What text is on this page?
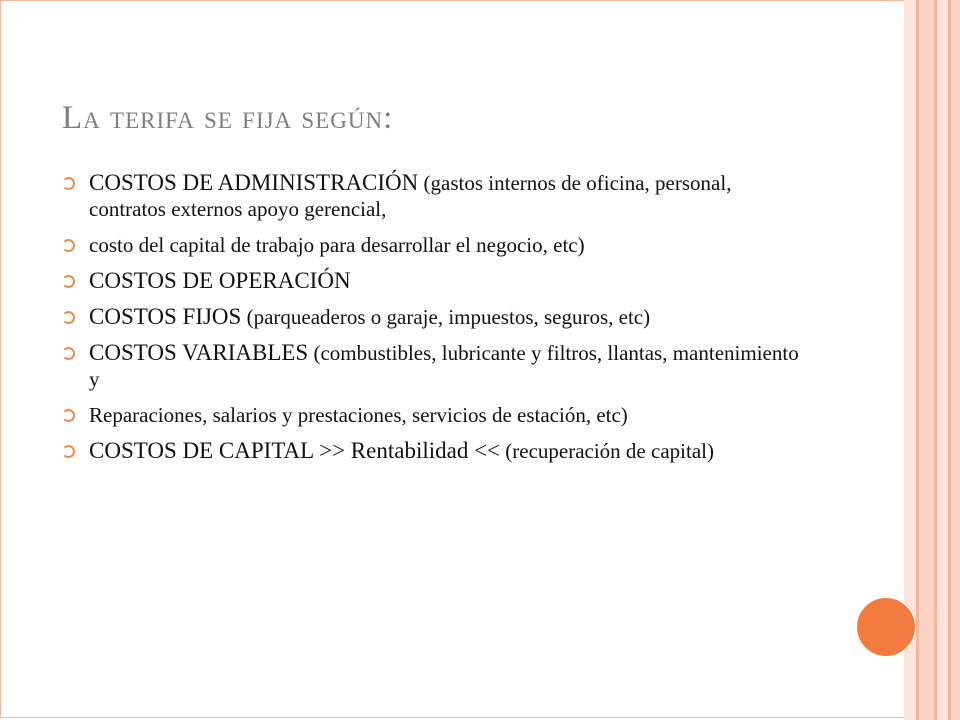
La terifa se fija según:
COSTOS DE ADMINISTRACIÓN (gastos internos de oficina, personal, contratos externos apoyo gerencial,
costo del capital de trabajo para desarrollar el negocio, etc)
COSTOS DE OPERACIÓN
COSTOS FIJOS (parqueaderos o garaje, impuestos, seguros, etc)
COSTOS VARIABLES (combustibles, lubricante y filtros, llantas, mantenimiento y
Reparaciones, salarios y prestaciones, servicios de estación, etc)
COSTOS DE CAPITAL >> Rentabilidad << (recuperación de capital)
